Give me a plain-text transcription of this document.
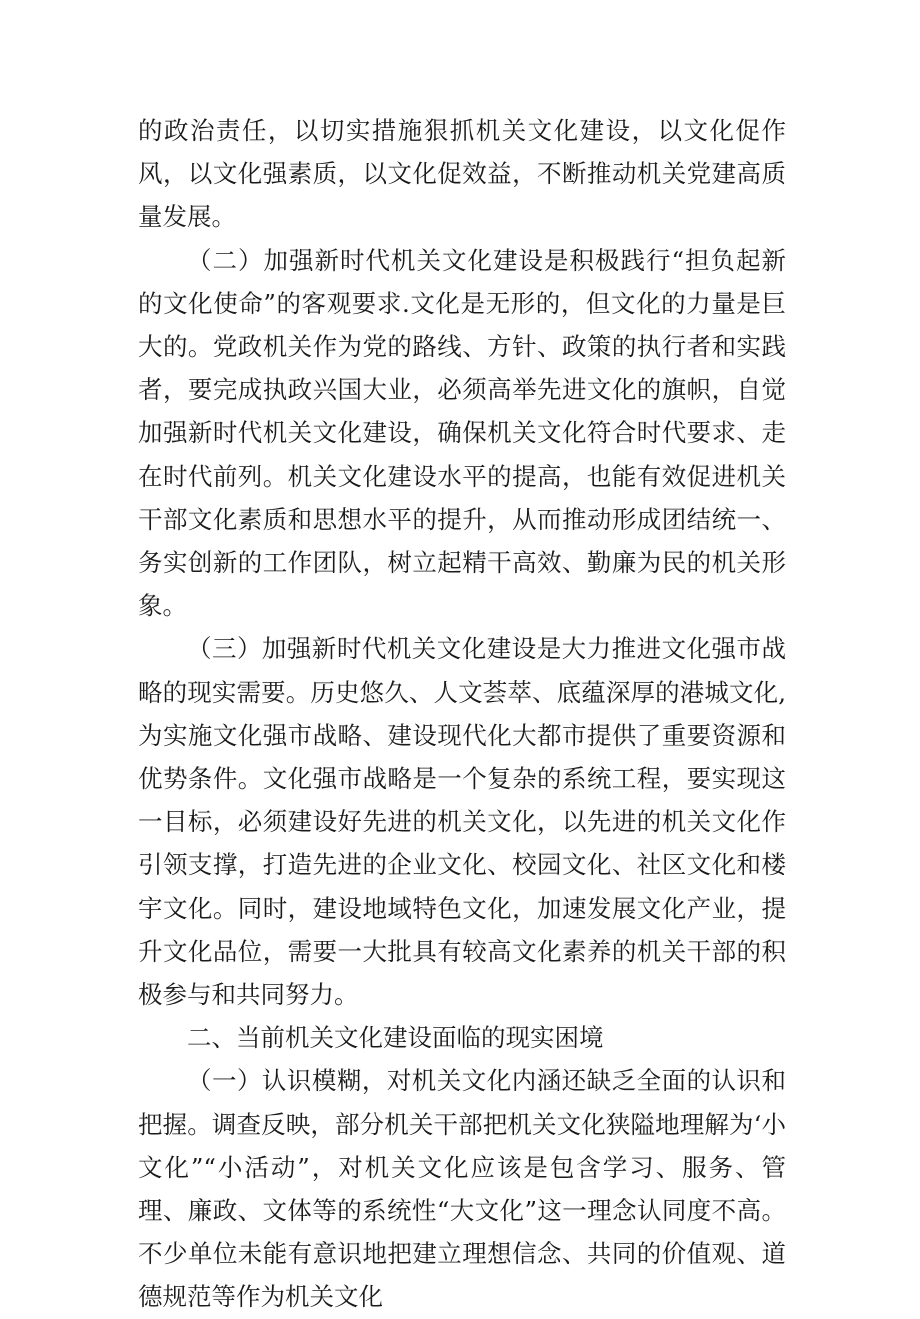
的政治责任，以切实措施狠抓机关文化建设，以文化促作风，以文化强素质，以文化促效益，不断推动机关党建高质量发展。

（二）加强新时代机关文化建设是积极践行“担负起新的文化使命”的客观要求.文化是无形的，但文化的力量是巨大的。党政机关作为党的路线、方针、政策的执行者和实践者，要完成执政兴国大业，必须高举先进文化的旗帜，自觉加强新时代机关文化建设，确保机关文化符合时代要求、走在时代前列。机关文化建设水平的提高，也能有效促进机关干部文化素质和思想水平的提升，从而推动形成团结统一、务实创新的工作团队，树立起精干高效、勤廉为民的机关形象。

（三）加强新时代机关文化建设是大力推进文化强市战略的现实需要。历史悠久、人文荟萃、底蕴深厚的港城文化,为实施文化强市战略、建设现代化大都市提供了重要资源和优势条件。文化强市战略是一个复杂的系统工程，要实现这一目标，必须建设好先进的机关文化，以先进的机关文化作引领支撑，打造先进的企业文化、校园文化、社区文化和楼宇文化。同时，建设地域特色文化，加速发展文化产业，提升文化品位，需要一大批具有较高文化素养的机关干部的积极参与和共同努力。

二、当前机关文化建设面临的现实困境

（一）认识模糊，对机关文化内涵还缺乏全面的认识和把握。调查反映，部分机关干部把机关文化狭隘地理解为‘小文化”“小活动”，对机关文化应该是包含学习、服务、管理、廉政、文体等的系统性“大文化”这一理念认同度不高。不少单位未能有意识地把建立理想信念、共同的价值观、道德规范等作为机关文化
